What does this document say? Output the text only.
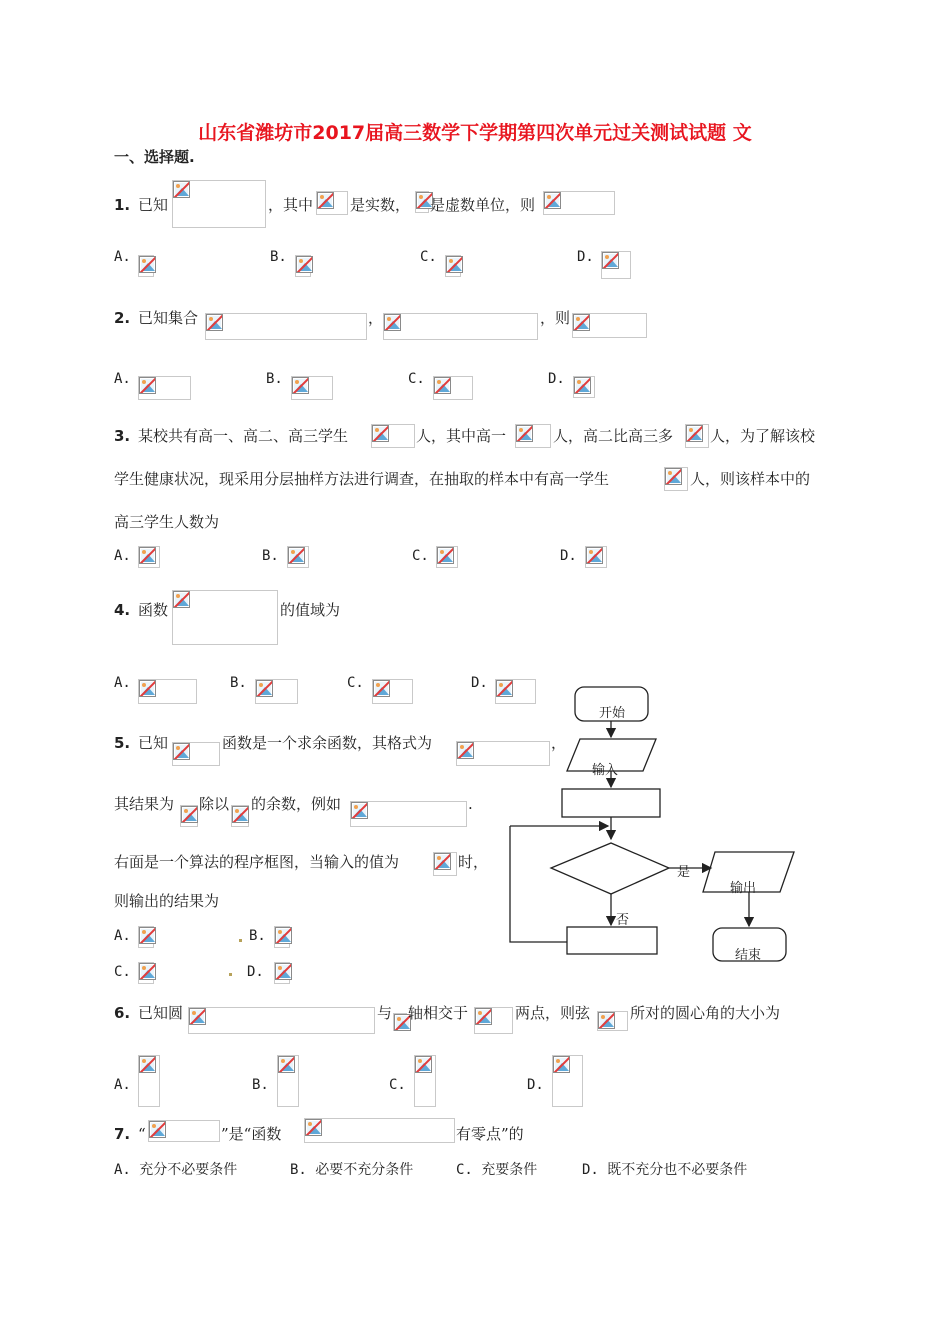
山东省潍坊市2017届高三数学下学期第四次单元过关测试试题 文
一、选择题.
1. 已知	，其中 是实数， 是虚数单位，则
A.	B.	C.	D.
2. 已知集合	，	，则
A.	B.	C.	D.
3. 某校共有高一、高二、高三学生	人，其中高一	人，高二比高三多 人，为了解该校
学生健康状况，现采用分层抽样方法进行调查，在抽取的样本中有高一学生	人，则该样本中的
高三学生人数为
A.	B.	C.	D.
4. 函数	的值域为
A.	B.	C.	D.
5. 已知	函数是一个求余函数，其格式为	，
其结果为 除以 的余数，例如	.
右面是一个算法的程序框图，当输入的值为	时，
则输出的结果为
A.	B.
C.	D.
开始
输入
是
否
输出
结束
6. 已知圆	与 轴相交于	两点，则弦	所对的圆心角的大小为
A.	B.	C.	D.
7. “	”是“函数	有零点”的
A. 充分不必要条件	B. 必要不充分条件	C. 充要条件	D. 既不充分也不必要条件
